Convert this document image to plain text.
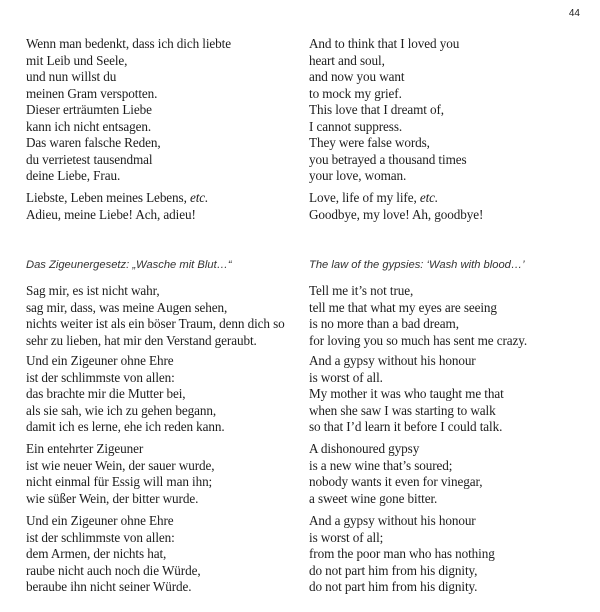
44
Wenn man bedenkt, dass ich dich liebte
mit Leib und Seele,
und nun willst du
meinen Gram verspotten.
Dieser erträumten Liebe
kann ich nicht entsagen.
Das waren falsche Reden,
du verrietest tausendmal
deine Liebe, Frau.
Liebste, Leben meines Lebens, etc.
Adieu, meine Liebe! Ach, adieu!
Das Zigeunergesetz: „Wasche mit Blut…“
Sag mir, es ist nicht wahr,
sag mir, dass, was meine Augen sehen,
nichts weiter ist als ein böser Traum, denn dich so
sehr zu lieben, hat mir den Verstand geraubt.
Und ein Zigeuner ohne Ehre
ist der schlimmste von allen:
das brachte mir die Mutter bei,
als sie sah, wie ich zu gehen begann,
damit ich es lerne, ehe ich reden kann.
Ein entehrter Zigeuner
ist wie neuer Wein, der sauer wurde,
nicht einmal für Essig will man ihn;
wie süßer Wein, der bitter wurde.
Und ein Zigeuner ohne Ehre
ist der schlimmste von allen:
dem Armen, der nichts hat,
raube nicht auch noch die Würde,
beraube ihn nicht seiner Würde.
And to think that I loved you
heart and soul,
and now you want
to mock my grief.
This love that I dreamt of,
I cannot suppress.
They were false words,
you betrayed a thousand times
your love, woman.
Love, life of my life, etc.
Goodbye, my love! Ah, goodbye!
The law of the gypsies: ‘Wash with blood…’
Tell me it’s not true,
tell me that what my eyes are seeing
is no more than a bad dream,
for loving you so much has sent me crazy.
And a gypsy without his honour
is worst of all.
My mother it was who taught me that
when she saw I was starting to walk
so that I’d learn it before I could talk.
A dishonoured gypsy
is a new wine that’s soured;
nobody wants it even for vinegar,
a sweet wine gone bitter.
And a gypsy without his honour
is worst of all;
from the poor man who has nothing
do not part him from his dignity,
do not part him from his dignity.
